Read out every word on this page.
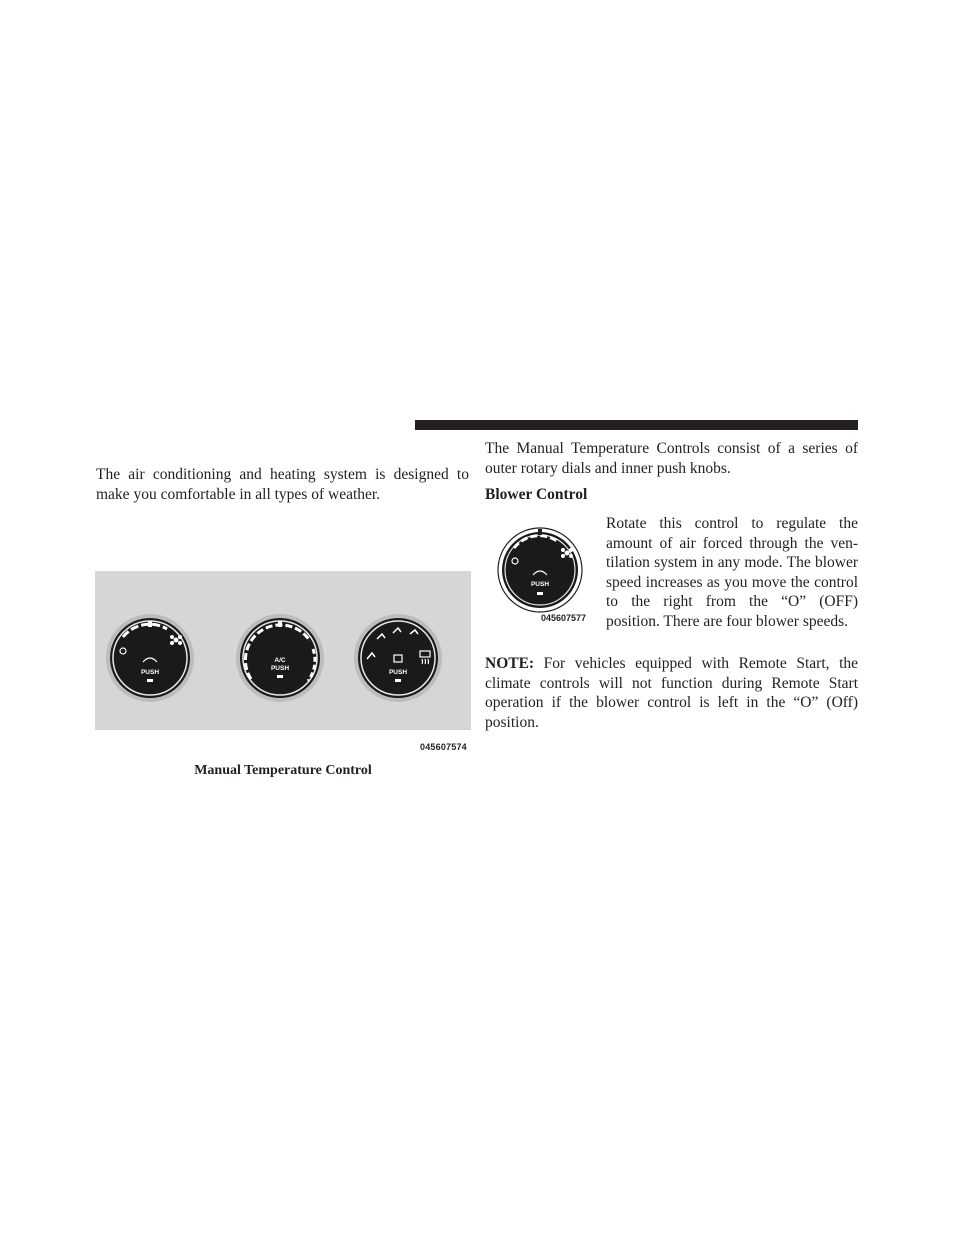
The air conditioning and heating system is designed to make you comfortable in all types of weather.

PUSH
A/C
PUSH
PUSH
045607574

Manual Temperature Control

The Manual Temperature Controls consist of a series of outer rotary dials and inner push knobs.

Blower Control
PUSH
045607577

Rotate this control to regulate the amount of air forced through the ven-tilation system in any mode. The blower speed increases as you move the control to the right from the “O” (OFF) position. There are four blower speeds.

NOTE: For vehicles equipped with Remote Start, the climate controls will not function during Remote Start operation if the blower control is left in the “O” (Off) position.
